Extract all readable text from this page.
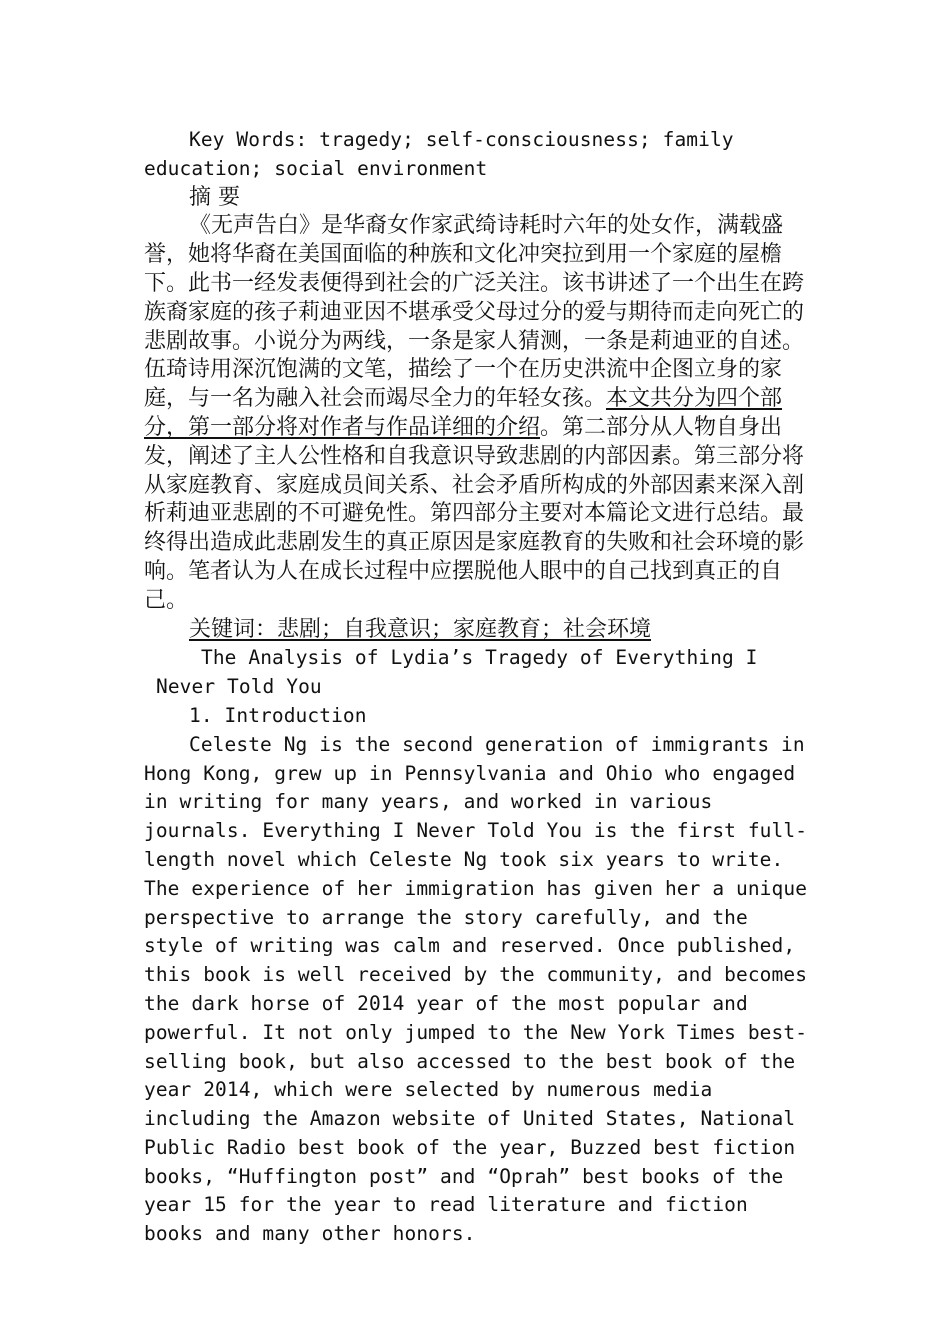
Key Words: tragedy; self-consciousness; family education; social environment

摘 要

《无声告白》是华裔女作家武绮诗耗时六年的处女作，满载盛誉，她将华裔在美国面临的种族和文化冲突拉到用一个家庭的屋檐下。此书一经发表便得到社会的广泛关注。该书讲述了一个出生在跨族裔家庭的孩子莉迪亚因不堪承受父母过分的爱与期待而走向死亡的悲剧故事。小说分为两线，一条是家人猜测，一条是莉迪亚的自述。伍琦诗用深沉饱满的文笔，描绘了一个在历史洪流中企图立身的家庭，与一名为融入社会而竭尽全力的年轻女孩。本文共分为四个部分，第一部分将对作者与作品详细的介绍。第二部分从人物自身出发，阐述了主人公性格和自我意识导致悲剧的内部因素。第三部分将从家庭教育、家庭成员间关系、社会矛盾所构成的外部因素来深入剖析莉迪亚悲剧的不可避免性。第四部分主要对本篇论文进行总结。最终得出造成此悲剧发生的真正原因是家庭教育的失败和社会环境的影响。笔者认为人在成长过程中应摆脱他人眼中的自己找到真正的自己。

关键词：悲剧；自我意识；家庭教育；社会环境

The Analysis of Lydia’s Tragedy of Everything I Never Told You

1. Introduction

Celeste Ng is the second generation of immigrants in Hong Kong, grew up in Pennsylvania and Ohio who engaged in writing for many years, and worked in various journals. Everything I Never Told You is the first full-length novel which Celeste Ng took six years to write. The experience of her immigration has given her a unique perspective to arrange the story carefully, and the style of writing was calm and reserved. Once published, this book is well received by the community, and becomes the dark horse of 2014 year of the most popular and powerful. It not only jumped to the New York Times best-selling book, but also accessed to the best book of the year 2014, which were selected by numerous media including the Amazon website of United States, National Public Radio best book of the year, Buzzed best fiction books, “Huffington post” and “Oprah” best books of the year 15 for the year to read literature and fiction books and many other honors.
